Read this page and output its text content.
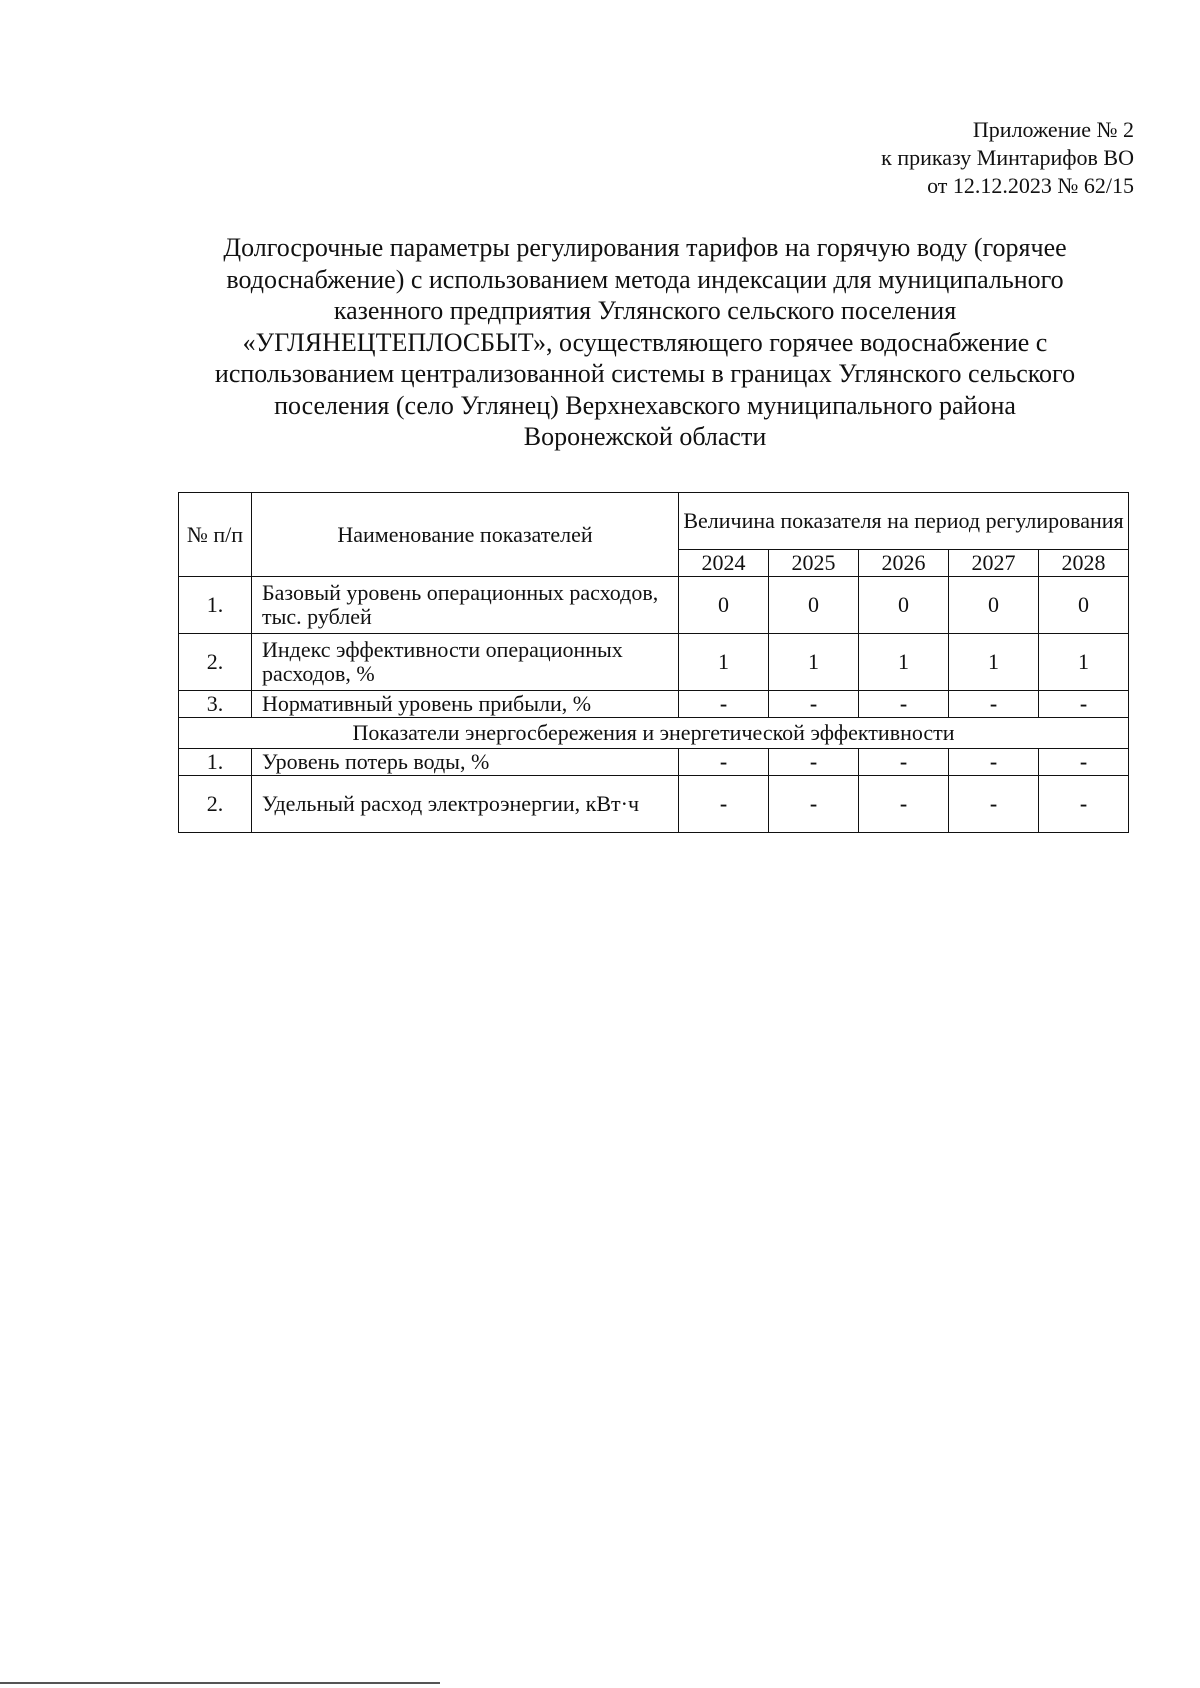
Приложение № 2
к приказу Минтарифов ВО
от 12.12.2023 № 62/15
Долгосрочные параметры регулирования тарифов на горячую воду (горячее
водоснабжение) с использованием метода индексации для муниципального
казенного предприятия Углянского сельского поселения
«УГЛЯНЕЦТЕПЛОСБЫТ», осуществляющего горячее водоснабжение с
использованием централизованной системы в границах Углянского сельского
поселения (село Углянец) Верхнехавского муниципального района
Воронежской области
№ п/п	Наименование показателей	Величина показателя на период регулирования				
		2024	2025	2026	2027	2028
1.	Базовый уровень операционных расходов, тыс. рублей	0	0	0	0	0
2.	Индекс эффективности операционных расходов, %	1	1	1	1	1
3.	Нормативный уровень прибыли, %	-	-	-	-	-
Показатели энергосбережения и энергетической эффективности						
1.	Уровень потерь воды, %	-	-	-	-	-
2.	Удельный расход электроэнергии, кВт·ч	-	-	-	-	-
